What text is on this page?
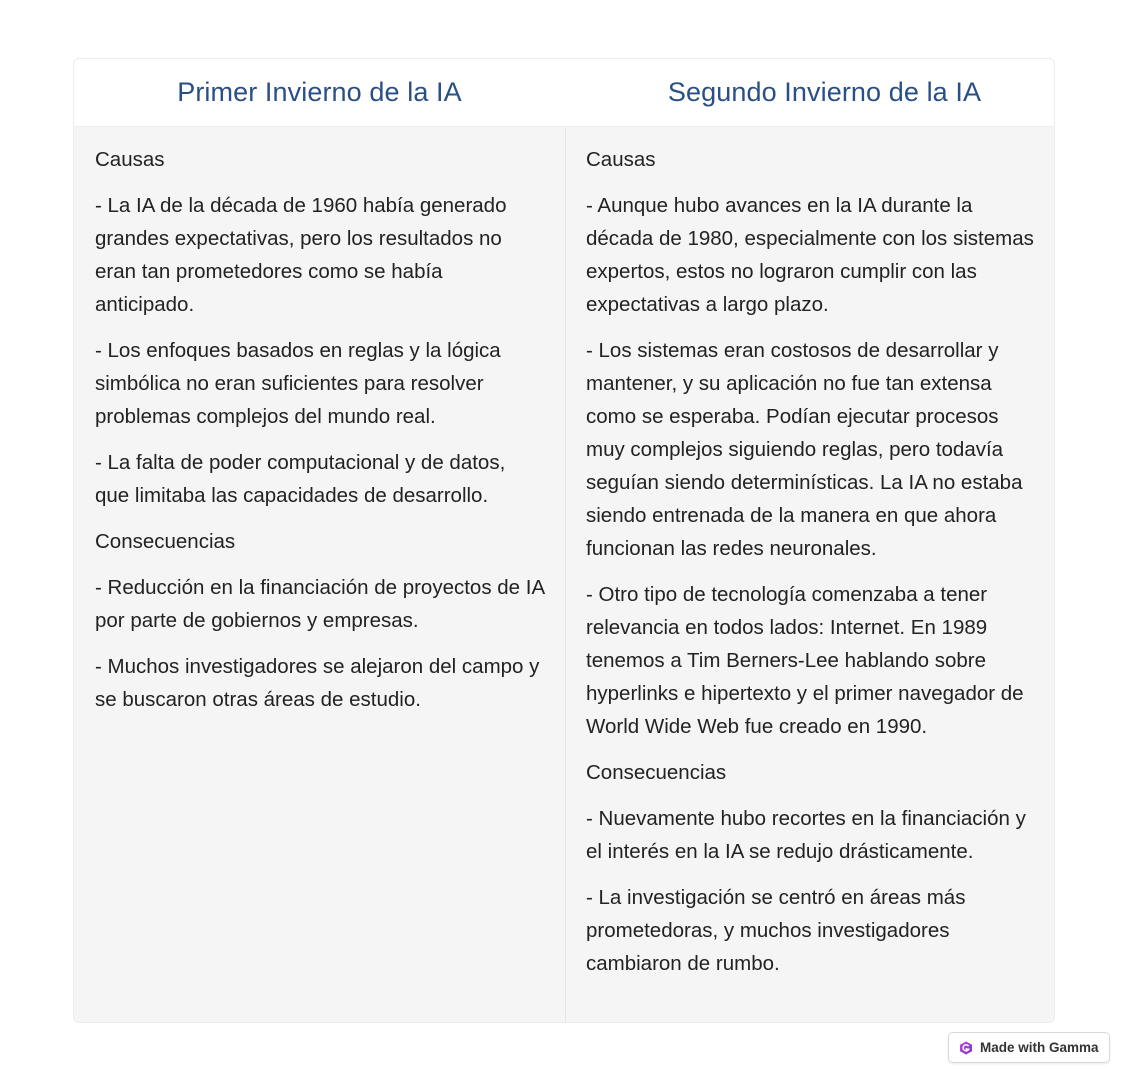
Primer Invierno de la IA	Segundo Invierno de la IA
Causas

- La IA de la década de 1960 había generado grandes expectativas, pero los resultados no eran tan prometedores como se había anticipado.

- Los enfoques basados en reglas y la lógica simbólica no eran suficientes para resolver problemas complejos del mundo real.

- La falta de poder computacional y de datos, que limitaba las capacidades de desarrollo.

Consecuencias

- Reducción en la financiación de proyectos de IA por parte de gobiernos y empresas.

- Muchos investigadores se alejaron del campo y se buscaron otras áreas de estudio.

Causas

- Aunque hubo avances en la IA durante la década de 1980, especialmente con los sistemas expertos, estos no lograron cumplir con las expectativas a largo plazo.

- Los sistemas eran costosos de desarrollar y mantener, y su aplicación no fue tan extensa como se esperaba. Podían ejecutar procesos muy complejos siguiendo reglas, pero todavía seguían siendo determinísticas. La IA no estaba siendo entrenada de la manera en que ahora funcionan las redes neuronales.

- Otro tipo de tecnología comenzaba a tener relevancia en todos lados: Internet. En 1989 tenemos a Tim Berners-Lee hablando sobre hyperlinks e hipertexto y el primer navegador de World Wide Web fue creado en 1990.

Consecuencias

- Nuevamente hubo recortes en la financiación y el interés en la IA se redujo drásticamente.

- La investigación se centró en áreas más prometedoras, y muchos investigadores cambiaron de rumbo.

Made with Gamma
